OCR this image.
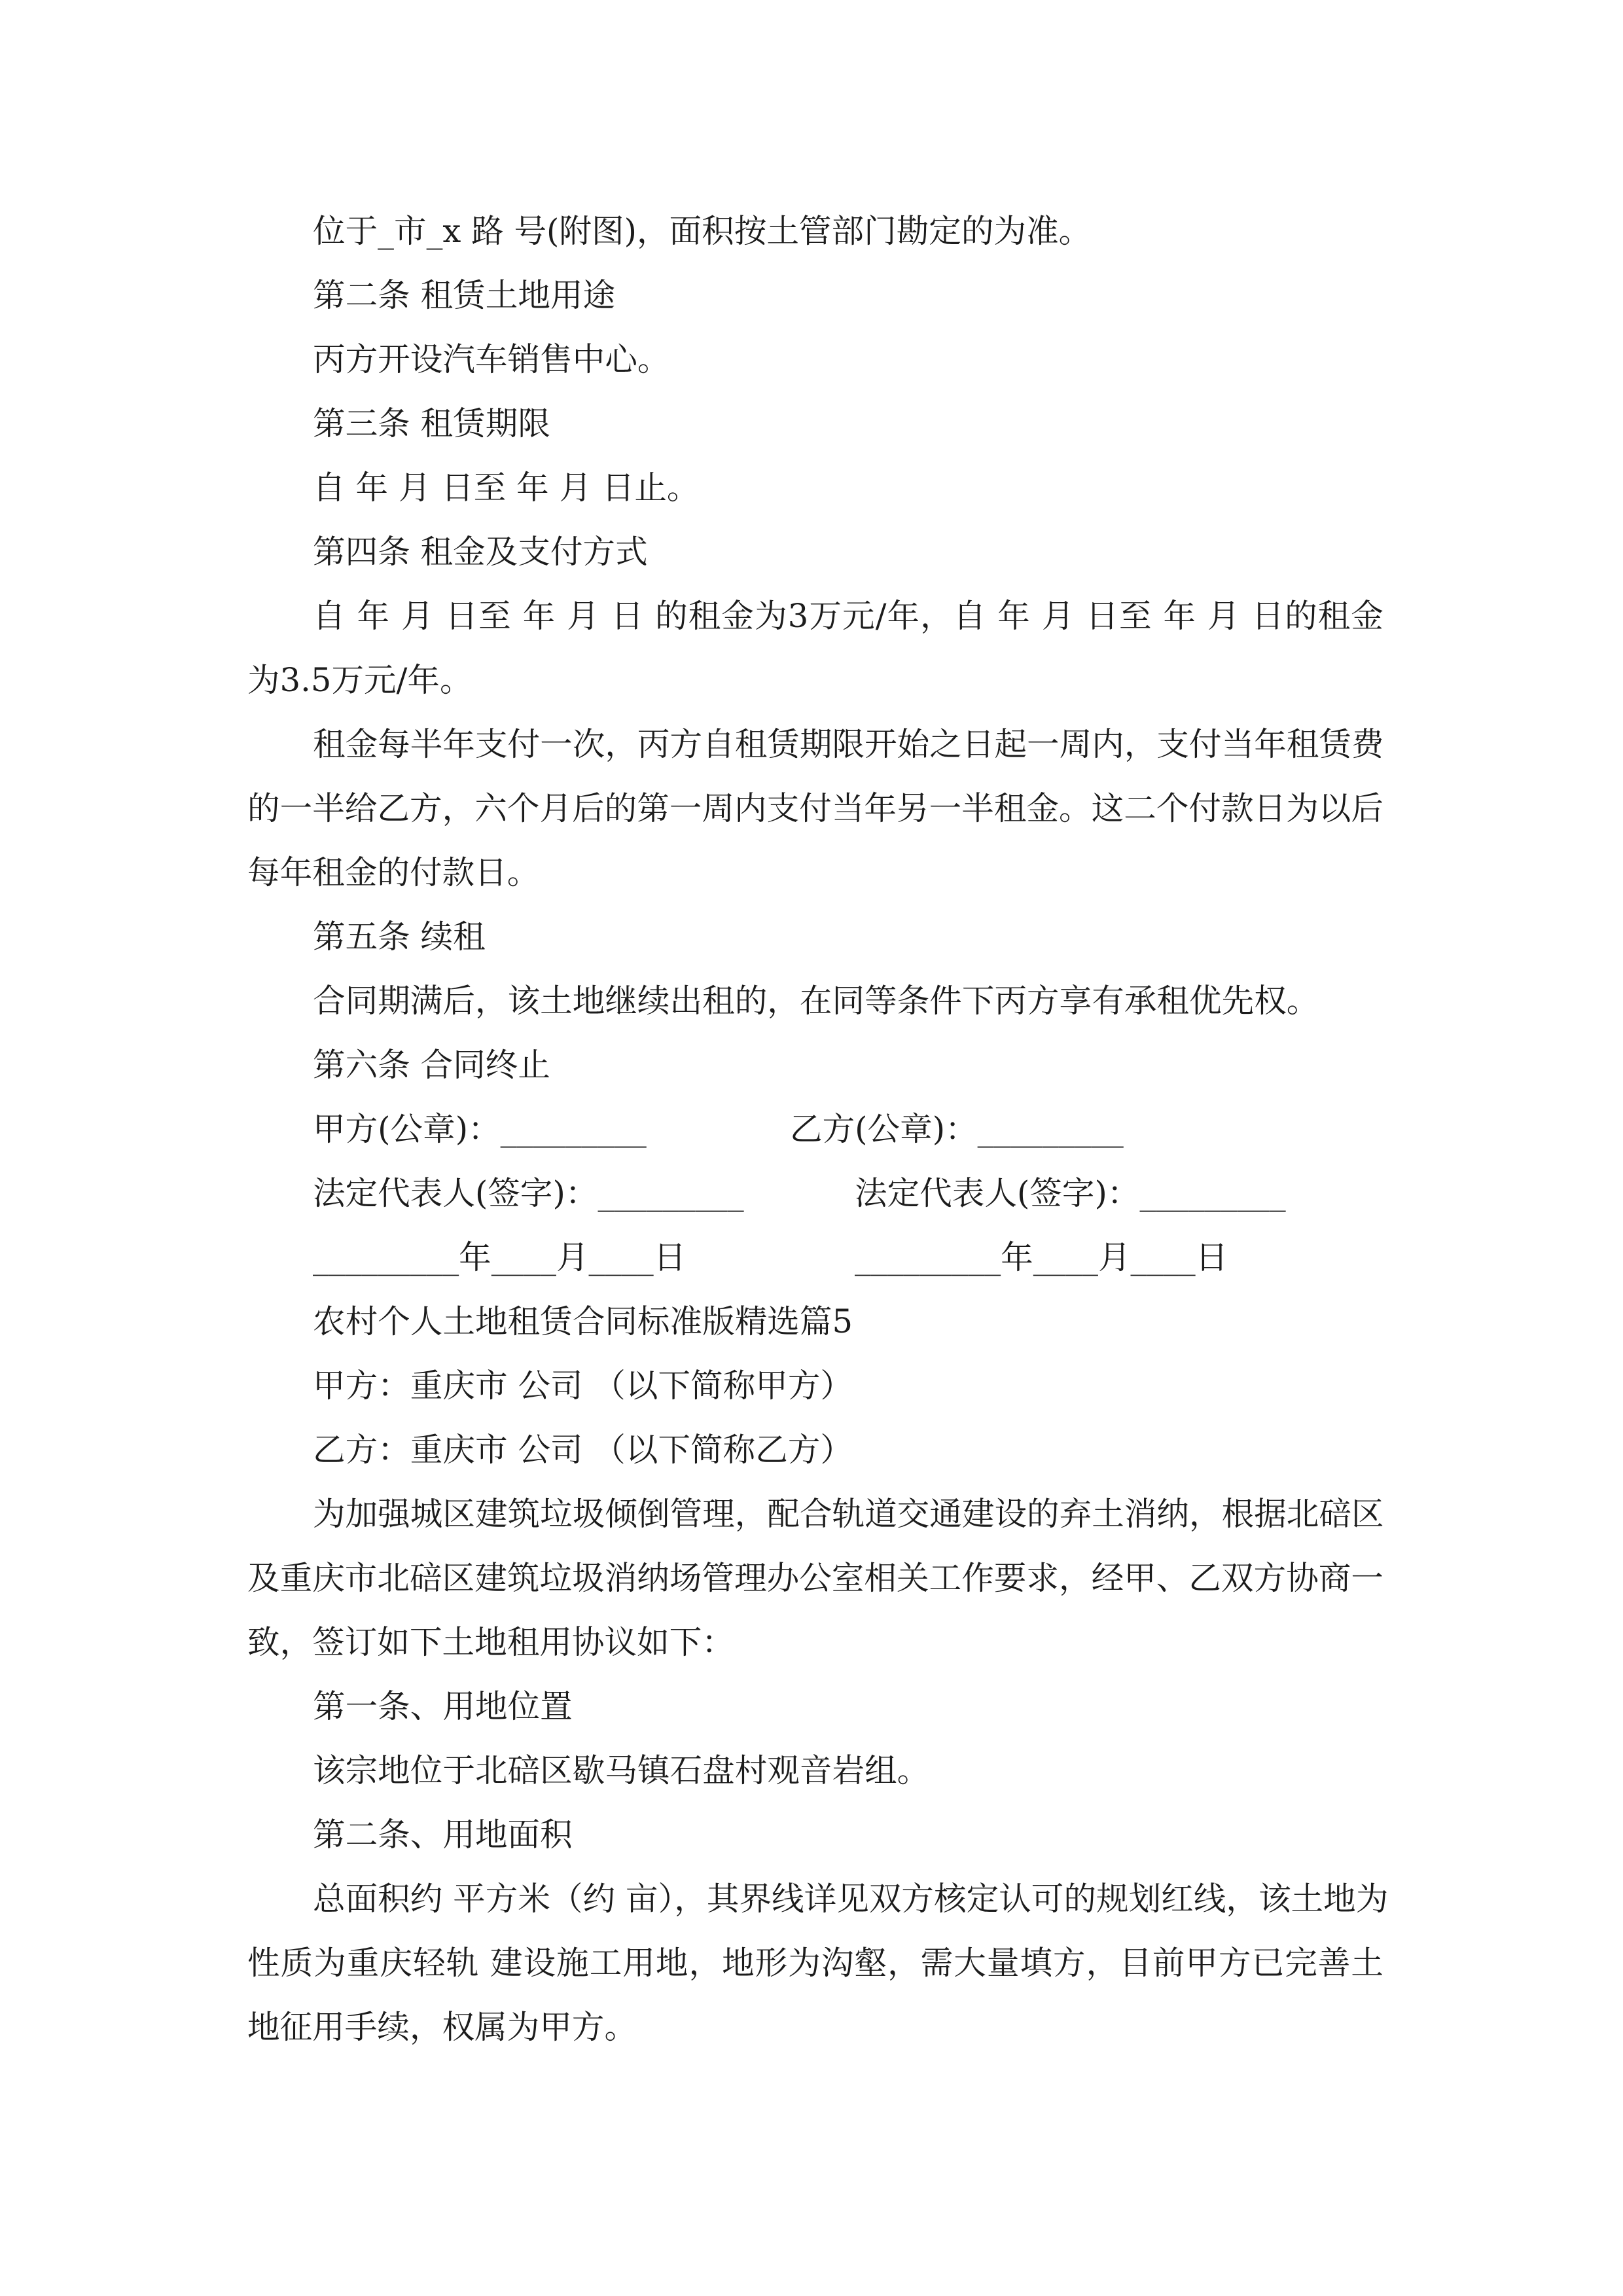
位于_市_x 路 号(附图)，面积按土管部门勘定的为准。
第二条 租赁土地用途
丙方开设汽车销售中心。
第三条 租赁期限
自 年 月 日至 年 月 日止。
第四条 租金及支付方式
自 年 月 日至 年 月 日 的租金为3万元/年，自 年 月 日至 年 月 日的租金
为3.5万元/年。
租金每半年支付一次，丙方自租赁期限开始之日起一周内，支付当年租赁费
的一半给乙方，六个月后的第一周内支付当年另一半租金。这二个付款日为以后
每年租金的付款日。
第五条 续租
合同期满后，该土地继续出租的，在同等条件下丙方享有承租优先权。
第六条 合同终止
甲方(公章)：_________	乙方(公章)：_________
法定代表人(签字)：_________	法定代表人(签字)：_________
_________年____月____日	_________年____月____日
农村个人土地租赁合同标准版精选篇5
甲方：重庆市 公司 （以下简称甲方）
乙方：重庆市 公司 （以下简称乙方）
为加强城区建筑垃圾倾倒管理，配合轨道交通建设的弃土消纳，根据北碚区
及重庆市北碚区建筑垃圾消纳场管理办公室相关工作要求，经甲、乙双方协商一
致，签订如下土地租用协议如下：
第一条、用地位置
该宗地位于北碚区歇马镇石盘村观音岩组。
第二条、用地面积
总面积约 平方米（约 亩），其界线详见双方核定认可的规划红线，该土地为
性质为重庆轻轨 建设施工用地，地形为沟壑，需大量填方，目前甲方已完善土
地征用手续，权属为甲方。
